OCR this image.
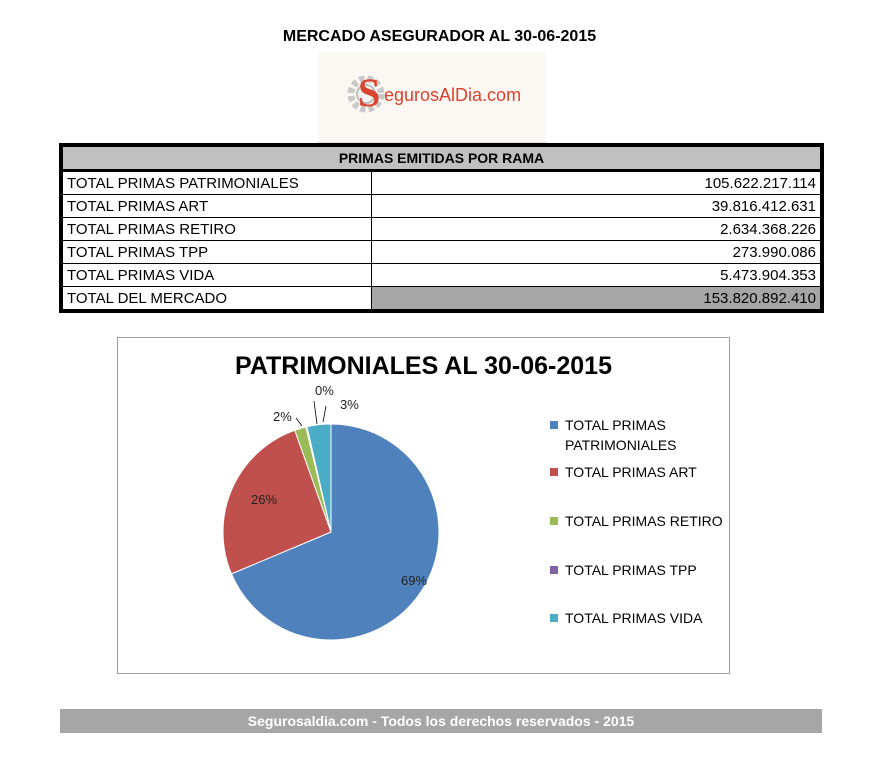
MERCADO ASEGURADOR AL 30-06-2015
S egurosAlDia.com
PRIMAS EMITIDAS POR RAMA	
TOTAL PRIMAS PATRIMONIALES	105.622.217.114
TOTAL PRIMAS ART	39.816.412.631
TOTAL PRIMAS RETIRO	2.634.368.226
TOTAL PRIMAS TPP	273.990.086
TOTAL PRIMAS VIDA	5.473.904.353
TOTAL DEL MERCADO	153.820.892.410
PATRIMONIALES AL 30-06-2015
69%
26%
2%
0%
3%
TOTAL PRIMAS PATRIMONIALES
TOTAL PRIMAS ART
TOTAL PRIMAS RETIRO
TOTAL PRIMAS TPP
TOTAL PRIMAS VIDA
Segurosaldia.com - Todos los derechos reservados - 2015
